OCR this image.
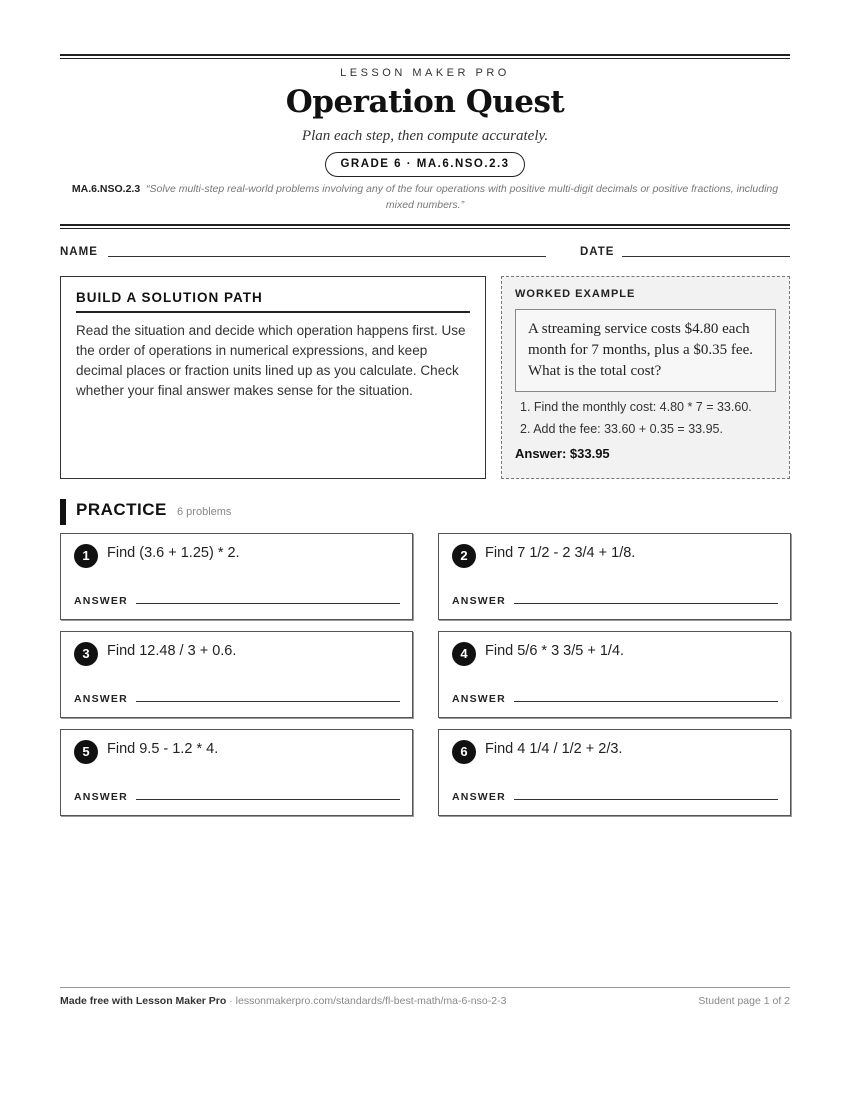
LESSON MAKER PRO
Operation Quest
Plan each step, then compute accurately.
GRADE 6 · MA.6.NSO.2.3
MA.6.NSO.2.3 “Solve multi-step real-world problems involving any of the four operations with positive multi-digit decimals or positive fractions, including mixed numbers.”
NAME	DATE
BUILD A SOLUTION PATH

Read the situation and decide which operation happens first. Use the order of operations in numerical expressions, and keep decimal places or fraction units lined up as you calculate. Check whether your final answer makes sense for the situation.

WORKED EXAMPLE
A streaming service costs $4.80 each month for 7 months, plus a $0.35 fee. What is the total cost?
1. Find the monthly cost: 4.80 * 7 = 33.60.
2. Add the fee: 33.60 + 0.35 = 33.95.
Answer: $33.95
PRACTICE 6 problems
1	Find (3.6 + 1.25) * 2.
ANSWER
2	Find 7 1/2 - 2 3/4 + 1/8.
ANSWER
3	Find 12.48 / 3 + 0.6.
ANSWER
4	Find 5/6 * 3 3/5 + 1/4.
ANSWER
5	Find 9.5 - 1.2 * 4.
ANSWER
6	Find 4 1/4 / 1/2 + 2/3.
ANSWER
Made free with Lesson Maker Pro · lessonmakerpro.com/standards/fl-best-math/ma-6-nso-2-3	Student page 1 of 2
